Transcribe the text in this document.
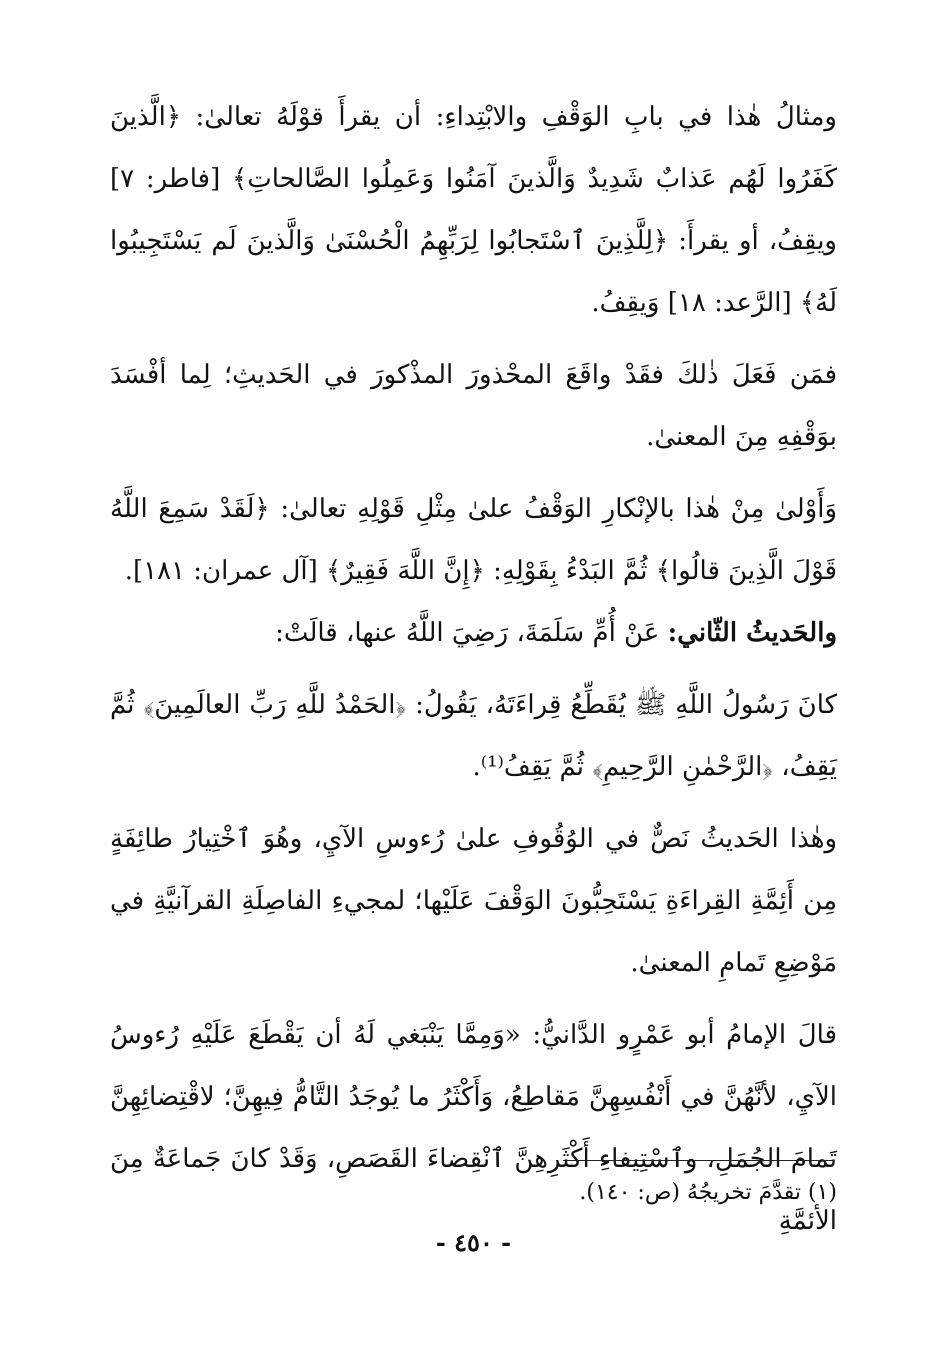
ومثالُ هٰذا في بابِ الوَقْفِ والابْتِداءِ: أن يقرأَ قوْلَهُ تعالىٰ: ﴿الَّذينَ كَفَرُوا لَهُم عَذابٌ شَدِيدٌ وَالَّذينَ آمَنُوا وَعَمِلُوا الصَّالحاتِ﴾ [فاطر: ٧] ويقِفُ، أو يقرأَ: ﴿لِلَّذِينَ ٱسْتَجابُوا لِرَبِّهِمُ الْحُسْنَىٰ وَالَّذينَ لَم يَسْتَجِيبُوا لَهُ﴾ [الرَّعد: ١٨] وَيقِفُ.

فمَن فَعَلَ ذٰلكَ فقَدْ واقَعَ المحْذورَ المذْكورَ في الحَديثِ؛ لِما أفْسَدَ بوَقْفِهِ مِنَ المعنىٰ.

وَأَوْلىٰ مِنْ هٰذا بالإنْكارِ الوَقْفُ علىٰ مِثْلِ قَوْلِهِ تعالىٰ: ﴿لَقَدْ سَمِعَ اللَّهُ قَوْلَ الَّذِينَ قالُوا﴾ ثُمَّ البَدْءُ بِقَوْلِهِ: ﴿إِنَّ اللَّهَ فَقِيرٌ﴾ [آل عمران: ١٨١].

والحَديثُ الثّاني: عَنْ أُمِّ سَلَمَةَ، رَضِيَ اللَّهُ عنها، قالَتْ:

كانَ رَسُولُ اللَّهِ ﷺ يُقَطِّعُ قِراءَتَهُ، يَقُولُ: ﴿الحَمْدُ للَّهِ رَبِّ العالَمِينَ﴾ ثُمَّ يَقِفُ، ﴿الرَّحْمٰنِ الرَّحِيمِ﴾ ثُمَّ يَقِفُ⁽¹⁾.

وهٰذا الحَديثُ نَصٌّ في الوُقُوفِ علىٰ رُءوسِ الآيِ، وهُوَ ٱخْتِيارُ طائِفَةٍ مِن أَئِمَّةِ القِراءَةِ يَسْتَحِبُّونَ الوَقْفَ عَلَيْها؛ لمجيءِ الفاصِلَةِ القرآنيَّةِ في مَوْضِعِ تَمامِ المعنىٰ.

قالَ الإمامُ أبو عَمْرٍو الدَّانيُّ: «وَمِمَّا يَنْبَغي لَهُ أن يَقْطَعَ عَلَيْهِ رُءوسُ الآيِ، لأنَّهُنَّ في أَنْفُسِهِنَّ مَقاطِعُ، وَأَكْثَرُ ما يُوجَدُ التَّامُّ فِيهِنَّ؛ لاقْتِضائِهِنَّ تَمامَ الجُمَلِ، وٱسْتِيفاءِ أَكْثَرِهِنَّ ٱنْقِضاءَ القَصَصِ، وَقَدْ كانَ جَماعَةٌ مِنَ الأئمَّةِ

(١) تقدَّمَ تخريجُهُ (ص: ١٤٠).

- ٤٥٠ -
